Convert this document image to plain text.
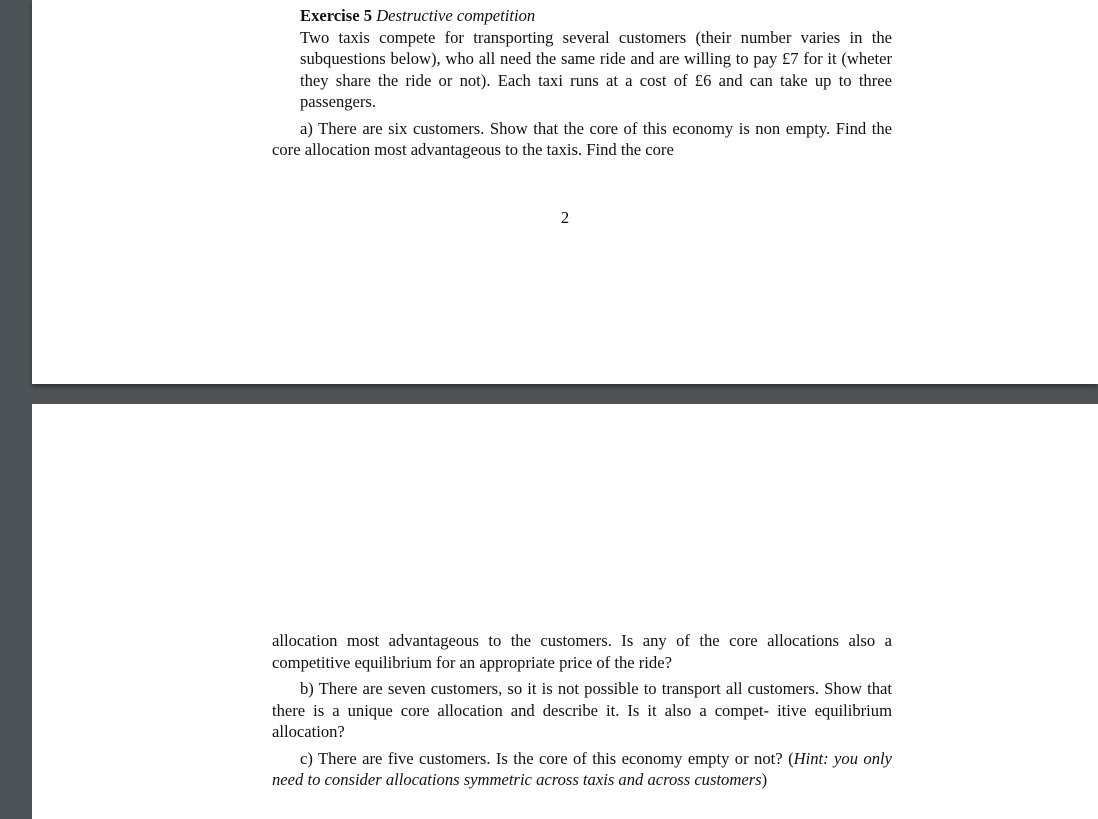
Exercise 5 Destructive competition
Two taxis compete for transporting several customers (their number varies in the subquestions below), who all need the same ride and are willing to pay £7 for it (wheter they share the ride or not). Each taxi runs at a cost of £6 and can take up to three passengers.

a) There are six customers. Show that the core of this economy is non empty. Find the core allocation most advantageous to the taxis. Find the core

2

allocation most advantageous to the customers. Is any of the core allocations also a competitive equilibrium for an appropriate price of the ride?

b) There are seven customers, so it is not possible to transport all customers. Show that there is a unique core allocation and describe it. Is it also a compet- itive equilibrium allocation?

c) There are five customers. Is the core of this economy empty or not? (Hint: you only need to consider allocations symmetric across taxis and across customers)
